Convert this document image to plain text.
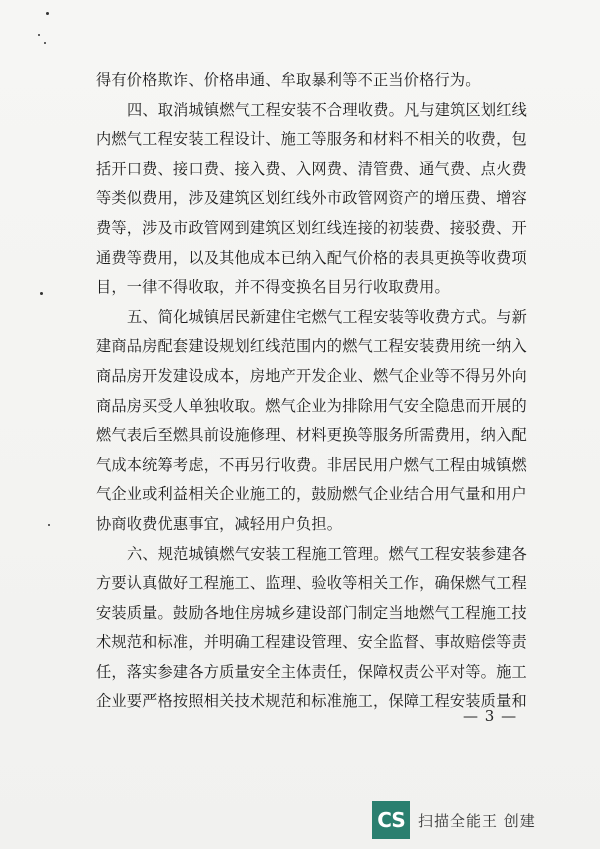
得有价格欺诈、价格串通、牟取暴利等不正当价格行为。
四、取消城镇燃气工程安装不合理收费。凡与建筑区划红线
内燃气工程安装工程设计、施工等服务和材料不相关的收费，包
括开口费、接口费、接入费、入网费、清管费、通气费、点火费
等类似费用，涉及建筑区划红线外市政管网资产的增压费、增容
费等，涉及市政管网到建筑区划红线连接的初装费、接驳费、开
通费等费用，以及其他成本已纳入配气价格的表具更换等收费项
目，一律不得收取，并不得变换名目另行收取费用。
五、简化城镇居民新建住宅燃气工程安装等收费方式。与新
建商品房配套建设规划红线范围内的燃气工程安装费用统一纳入
商品房开发建设成本，房地产开发企业、燃气企业等不得另外向
商品房买受人单独收取。燃气企业为排除用气安全隐患而开展的
燃气表后至燃具前设施修理、材料更换等服务所需费用，纳入配
气成本统筹考虑，不再另行收费。非居民用户燃气工程由城镇燃
气企业或利益相关企业施工的，鼓励燃气企业结合用气量和用户
协商收费优惠事宜，减轻用户负担。
六、规范城镇燃气安装工程施工管理。燃气工程安装参建各
方要认真做好工程施工、监理、验收等相关工作，确保燃气工程
安装质量。鼓励各地住房城乡建设部门制定当地燃气工程施工技
术规范和标准，并明确工程建设管理、安全监督、事故赔偿等责
任，落实参建各方质量安全主体责任，保障权责公平对等。施工
企业要严格按照相关技术规范和标准施工，保障工程安装质量和
— 3 —
CS 扫描全能王 创建
